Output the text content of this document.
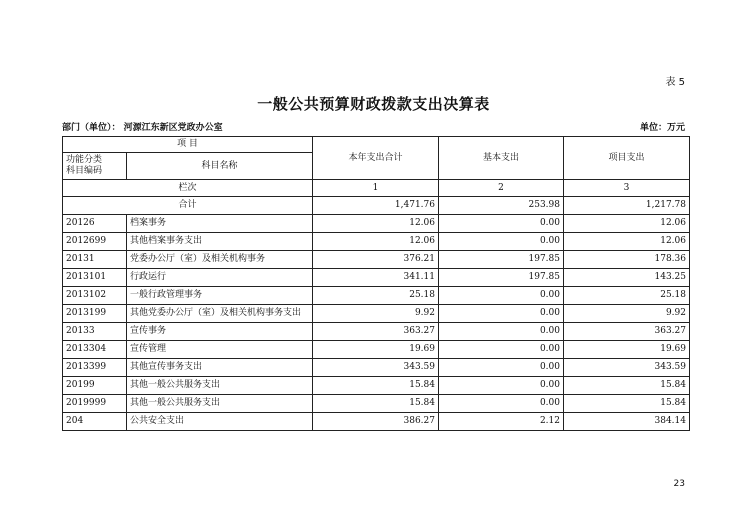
表 5
一般公共预算财政拨款支出决算表
部门（单位）： 河源江东新区党政办公室	单位：万元
项 目		本年支出合计	基本支出	项目支出

功能分类
科目编码	科目名称			
栏次		1	2	3
合计		1,471.76	253.98	1,217.78
20126	档案事务	12.06	0.00	12.06
2012699	其他档案事务支出	12.06	0.00	12.06
20131	党委办公厅（室）及相关机构事务	376.21	197.85	178.36
2013101	行政运行	341.11	197.85	143.25
2013102	一般行政管理事务	25.18	0.00	25.18
2013199	其他党委办公厅（室）及相关机构事务支出	9.92	0.00	9.92
20133	宣传事务	363.27	0.00	363.27
2013304	宣传管理	19.69	0.00	19.69
2013399	其他宣传事务支出	343.59	0.00	343.59
20199	其他一般公共服务支出	15.84	0.00	15.84
2019999	其他一般公共服务支出	15.84	0.00	15.84
204	公共安全支出	386.27	2.12	384.14
23
